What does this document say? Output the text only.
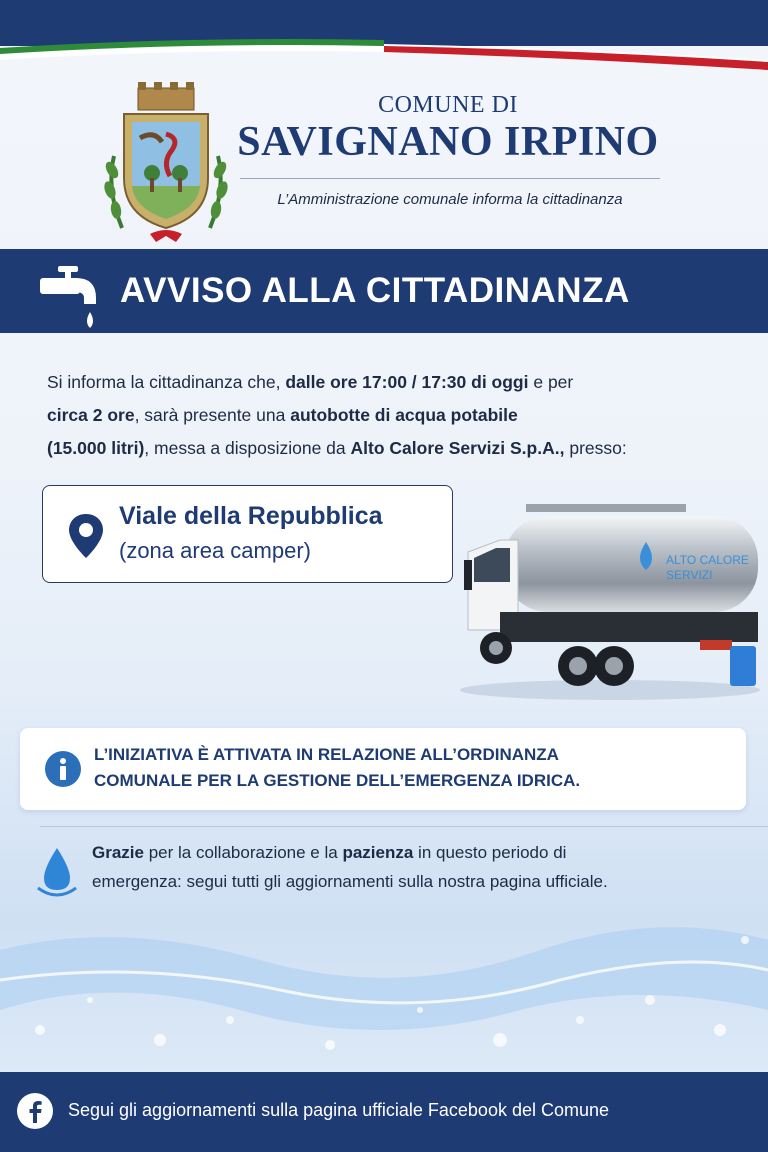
COMUNE DI
SAVIGNANO IRPINO
L’Amministrazione comunale informa la cittadinanza
AVVISO ALLA CITTADINANZA
Si informa la cittadinanza che, dalle ore 17:00 / 17:30 di oggi e per
circa 2 ore, sarà presente una autobotte di acqua potabile
(15.000 litri), messa a disposizione da Alto Calore Servizi S.p.A., presso:
Viale della Repubblica
(zona area camper)	ALTO CALORE
SERVIZI
L’INIZIATIVA È ATTIVATA IN RELAZIONE ALL’ORDINANZA
COMUNALE PER LA GESTIONE DELL’EMERGENZA IDRICA.
Grazie per la collaborazione e la pazienza in questo periodo di
emergenza: segui tutti gli aggiornamenti sulla nostra pagina ufficiale.
Segui gli aggiornamenti sulla pagina ufficiale Facebook del Comune
